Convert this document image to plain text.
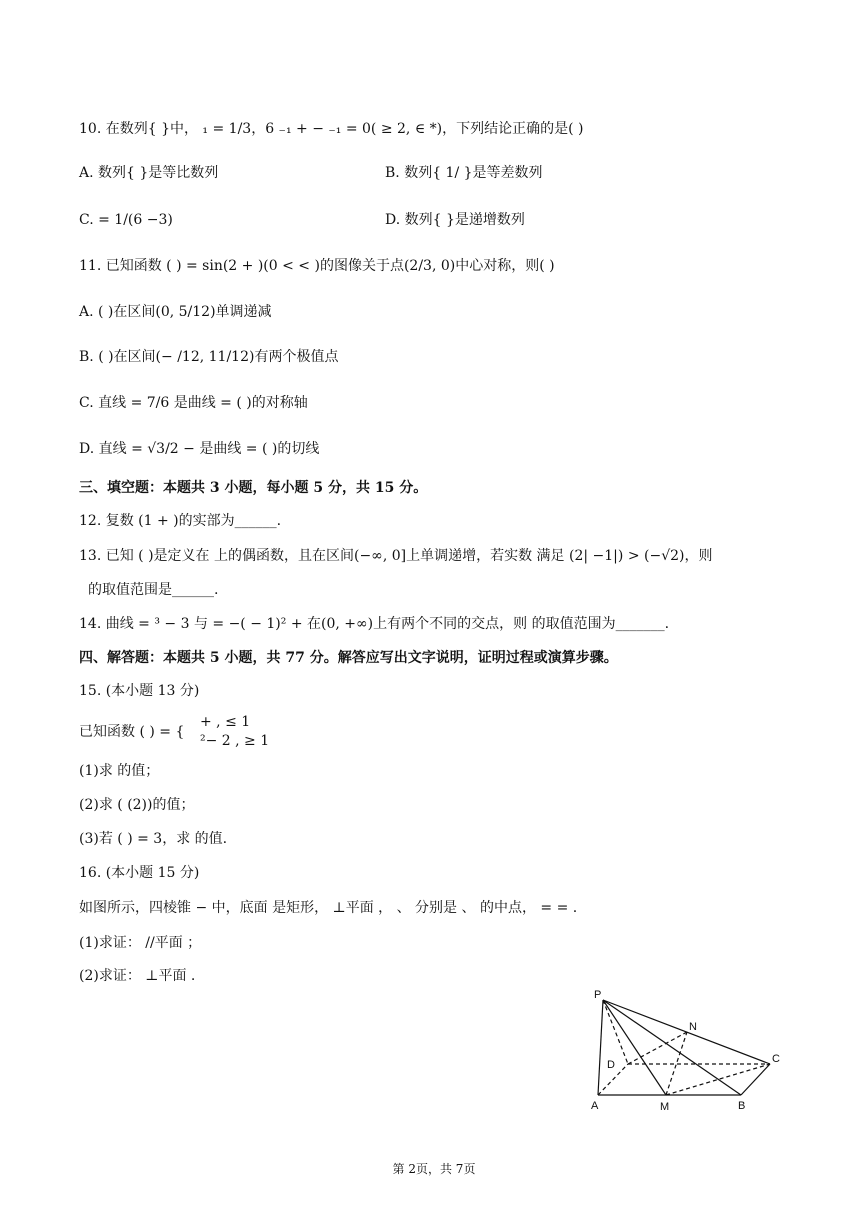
10. 在数列{ }中， ₁ = 1/3，6 ₋₁ + − ₋₁ = 0( ≥ 2, ∈ *)，下列结论正确的是( )
A. 数列{ }是等比数列	B. 数列{ 1/ }是等差数列
C. = 1/(6 −3)	D. 数列{ }是递增数列
11. 已知函数 ( ) = sin(2 + )(0 < < )的图像关于点(2/3, 0)中心对称，则( )
A. ( )在区间(0, 5/12)单调递减
B. ( )在区间(− /12, 11/12)有两个极值点
C. 直线 = 7/6 是曲线 = ( )的对称轴
D. 直线 = √3/2 − 是曲线 = ( )的切线
三、填空题：本题共 3 小题，每小题 5 分，共 15 分。
12. 复数 (1 + )的实部为______.
13. 已知 ( )是定义在 上的偶函数，且在区间(−∞, 0]上单调递增，若实数 满足 (2| −1|) > (−√2)，则
的取值范围是______.
14. 曲线 = ³ − 3 与 = −( − 1)² + 在(0, +∞)上有两个不同的交点，则 的取值范围为_______.
四、解答题：本题共 5 小题，共 77 分。解答应写出文字说明，证明过程或演算步骤。
15. (本小题 13 分)
已知函数 ( ) = {
+ , ≤ 1
²− 2 , ≥ 1
(1)求 的值；
(2)求 ( (2))的值；
(3)若 ( ) = 3，求 的值.
16. (本小题 15 分)
如图所示，四棱锥 − 中，底面 是矩形， ⊥平面 ， 、 分别是 、 的中点， = = .
(1)求证： //平面 ；
(2)求证： ⊥平面 .
P
N
D	C
A	M	B
第 2页，共 7页
